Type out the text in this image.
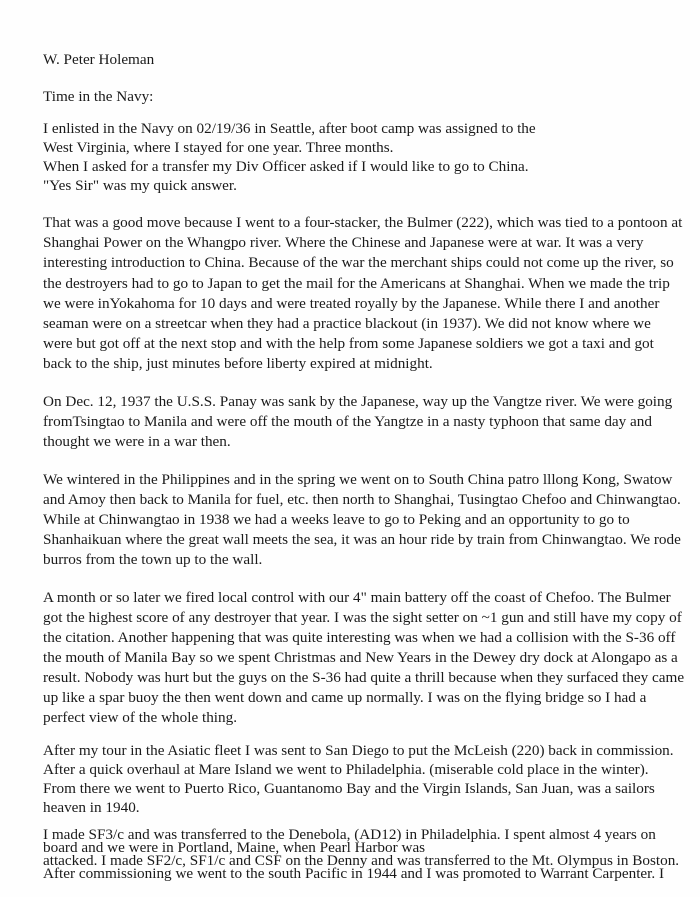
W. Peter Holeman
Time in the Navy:
I enlisted in the Navy on 02/19/36 in Seattle, after boot camp was assigned to the
West Virginia, where I stayed for one year. Three months.
When I asked for a transfer my Div Officer asked if I would like to go to China.
"Yes Sir" was my quick answer.
That was a good move because I went to a four-stacker, the Bulmer (222), which was tied to a pontoon at
Shanghai Power on the Whangpo river. Where the Chinese and Japanese were at war. It was a very
interesting introduction to China. Because of the war the merchant ships could not come up the river, so
the destroyers had to go to Japan to get the mail for the Americans at Shanghai. When we made the trip
we were inYokahoma for 10 days and were treated royally by the Japanese. While there I and another
seaman were on a streetcar when they had a practice blackout (in 1937). We did not know where we
were but got off at the next stop and with the help from some Japanese soldiers we got a taxi and got
back to the ship, just minutes before liberty expired at midnight.
On Dec. 12, 1937 the U.S.S. Panay was sank by the Japanese, way up the Vangtze river. We were going
fromTsingtao to Manila and were off the mouth of the Yangtze in a nasty typhoon that same day and
thought we were in a war then.
We wintered in the Philippines and in the spring we went on to South China patro lllong Kong, Swatow
and Amoy then back to Manila for fuel, etc. then north to Shanghai, Tusingtao Chefoo and Chinwangtao.
While at Chinwangtao in 1938 we had a weeks leave to go to Peking and an opportunity to go to
Shanhaikuan where the great wall meets the sea, it was an hour ride by train from Chinwangtao. We rode
burros from the town up to the wall.
A month or so later we fired local control with our 4" main battery off the coast of Chefoo. The Bulmer
got the highest score of any destroyer that year. I was the sight setter on ~1 gun and still have my copy of
the citation. Another happening that was quite interesting was when we had a collision with the S-36 off
the mouth of Manila Bay so we spent Christmas and New Years in the Dewey dry dock at Alongapo as a
result. Nobody was hurt but the guys on the S-36 had quite a thrill because when they surfaced they came
up like a spar buoy the then went down and came up normally. I was on the flying bridge so I had a
perfect view of the whole thing.
After my tour in the Asiatic fleet I was sent to San Diego to put the McLeish (220) back in commission.
After a quick overhaul at Mare Island we went to Philadelphia. (miserable cold place in the winter).
From there we went to Puerto Rico, Guantanomo Bay and the Virgin Islands, San Juan, was a sailors
heaven in 1940.
I made SF3/c and was transferred to the Denebola, (AD12) in Philadelphia. I spent almost 4 years on
board and we were in Portland, Maine, when Pearl Harbor was
attacked. I made SF2/c, SF1/c and CSF on the Denny and was transferred to the Mt. Olympus in Boston.
After commissioning we went to the south Pacific in 1944 and I was promoted to Warrant Carpenter. I
